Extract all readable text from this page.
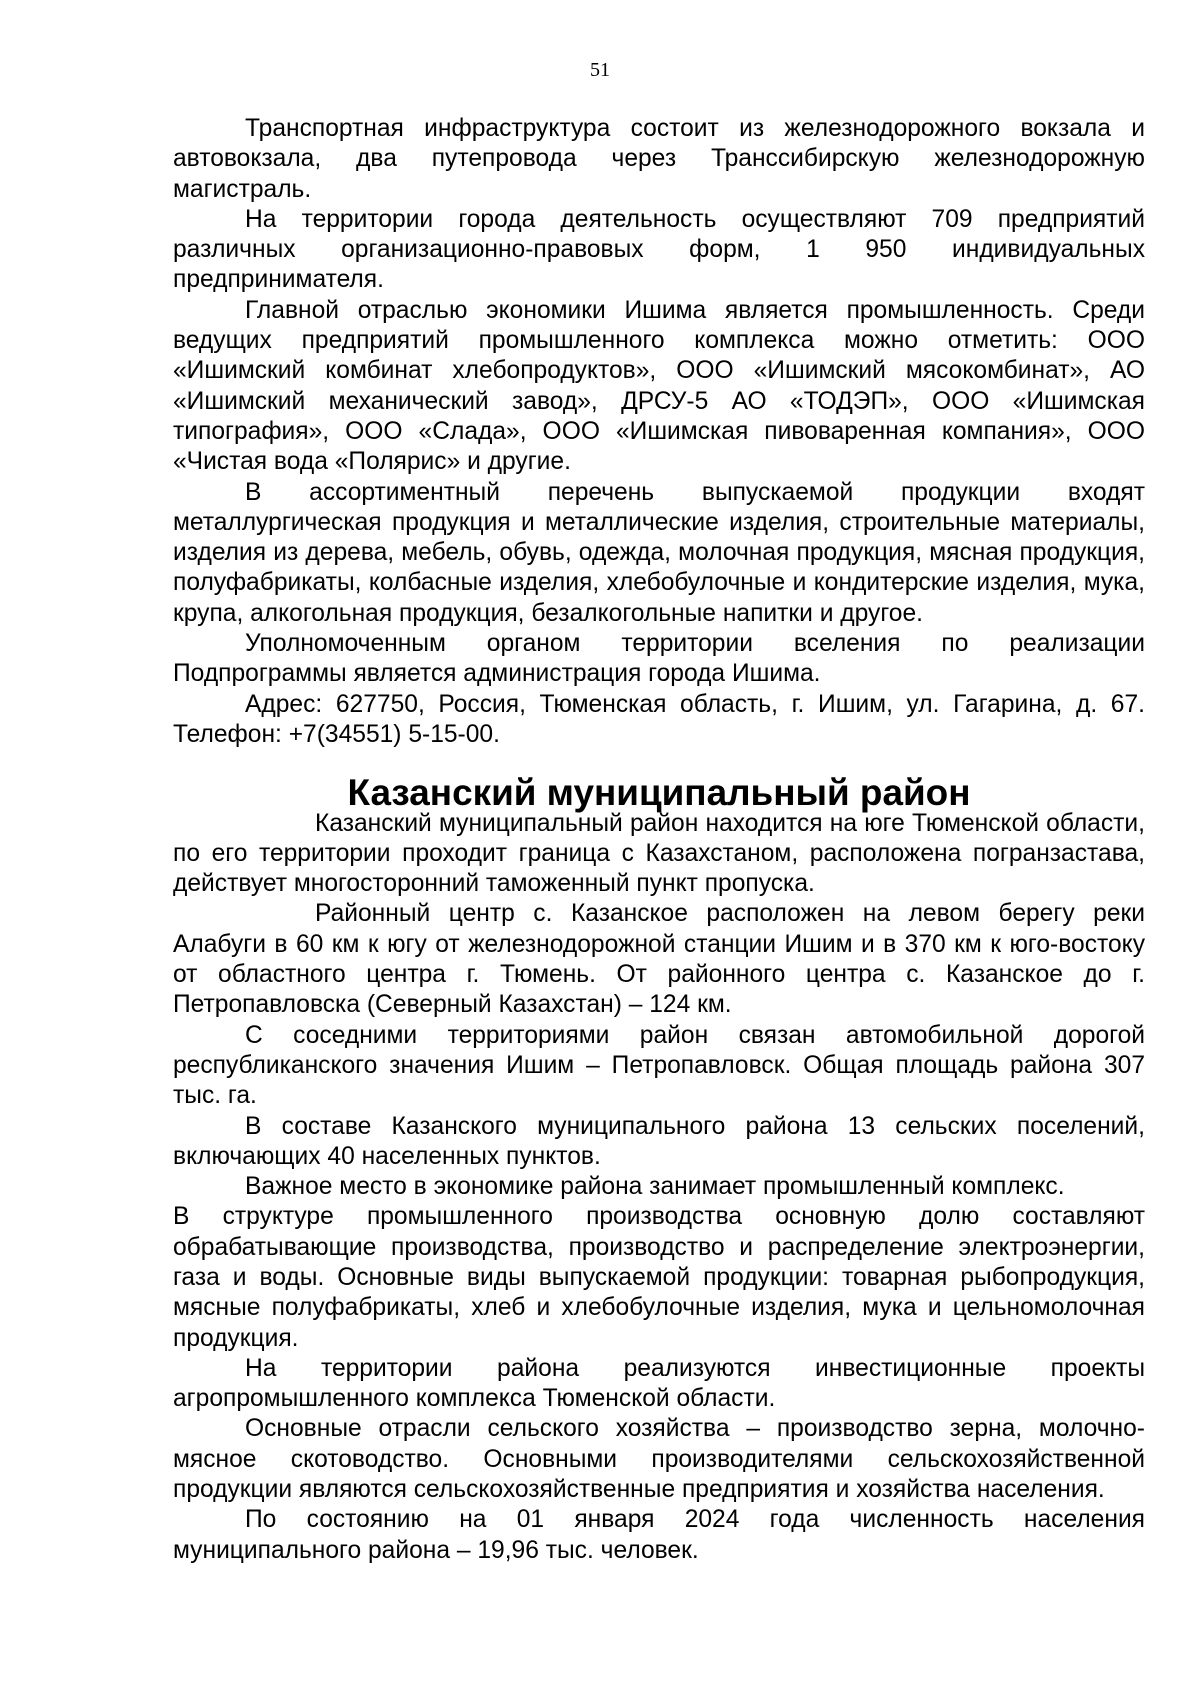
51

Транспортная инфраструктура состоит из железнодорожного вокзала и автовокзала, два путепровода через Транссибирскую железнодорожную магистраль.

На территории города деятельность осуществляют 709 предприятий различных организационно-правовых форм, 1 950 индивидуальных предпринимателя.

Главной отраслью экономики Ишима является промышленность. Среди ведущих предприятий промышленного комплекса можно отметить: ООО «Ишимский комбинат хлебопродуктов», ООО «Ишимский мясокомбинат», АО «Ишимский механический завод», ДРСУ-5 АО «ТОДЭП», ООО «Ишимская типография», ООО «Слада», ООО «Ишимская пивоваренная компания», ООО «Чистая вода «Полярис» и другие.

В ассортиментный перечень выпускаемой продукции входят металлургическая продукция и металлические изделия, строительные материалы, изделия из дерева, мебель, обувь, одежда, молочная продукция, мясная продукция, полуфабрикаты, колбасные изделия, хлебобулочные и кондитерские изделия, мука, крупа, алкогольная продукция, безалкогольные напитки и другое.

Уполномоченным органом территории вселения по реализации Подпрограммы является администрация города Ишима.

Адрес: 627750, Россия, Тюменская область, г. Ишим, ул. Гагарина, д. 67. Телефон: +7(34551) 5-15-00.

Казанский муниципальный район

Казанский муниципальный район находится на юге Тюменской области, по его территории проходит граница с Казахстаном, расположена погранзастава, действует многосторонний таможенный пункт пропуска.

Районный центр с. Казанское расположен на левом берегу реки Алабуги в 60 км к югу от железнодорожной станции Ишим и в 370 км к юго-востоку от областного центра г. Тюмень. От районного центра с. Казанское до г. Петропавловска (Северный Казахстан) – 124 км.

С соседними территориями район связан автомобильной дорогой республиканского значения Ишим – Петропавловск. Общая площадь района 307 тыс. га.

В составе Казанского муниципального района 13 сельских поселений, включающих 40 населенных пунктов.

Важное место в экономике района занимает промышленный комплекс.

В структуре промышленного производства основную долю составляют обрабатывающие производства, производство и распределение электроэнергии, газа и воды. Основные виды выпускаемой продукции: товарная рыбопродукция, мясные полуфабрикаты, хлеб и хлебобулочные изделия, мука и цельномолочная продукция.

На территории района реализуются инвестиционные проекты агропромышленного комплекса Тюменской области.

Основные отрасли сельского хозяйства – производство зерна, молочно-мясное скотоводство. Основными производителями сельскохозяйственной продукции являются сельскохозяйственные предприятия и хозяйства населения.

По состоянию на 01 января 2024 года численность населения муниципального района – 19,96 тыс. человек.
